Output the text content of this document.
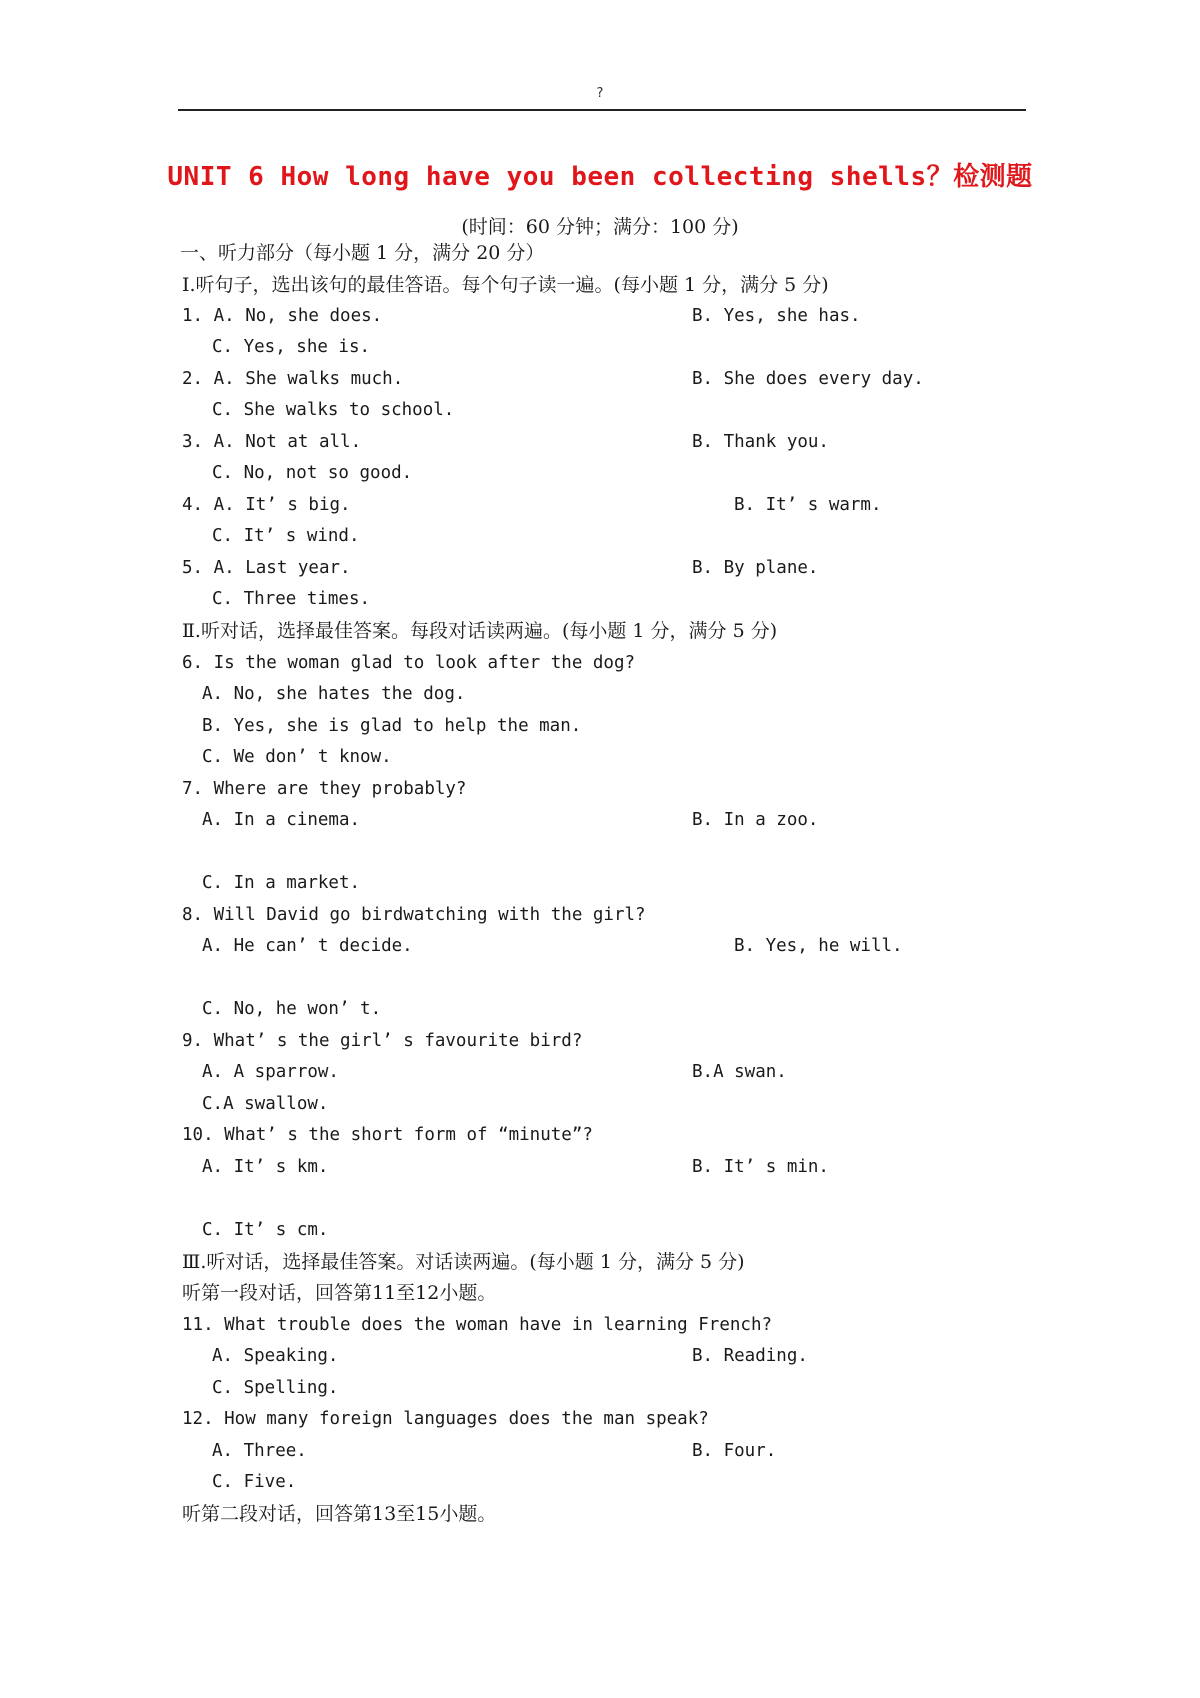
?
UNIT 6 How long have you been collecting shells？检测题
(时间：60 分钟；满分：100 分)
一、听力部分（每小题 1 分，满分 20 分）
Ⅰ.听句子，选出该句的最佳答语。每个句子读一遍。(每小题 1 分，满分 5 分)
1. A. No, she does.	B. Yes, she has.
C. Yes, she is.
2. A. She walks much.	B. She does every day.
C. She walks to school.
3. A. Not at all.	B. Thank you.
C. No, not so good.
4. A. It’ s big.	B. It’ s warm.
C. It’ s wind.
5. A. Last year.	B. By plane.
C. Three times.
Ⅱ.听对话，选择最佳答案。每段对话读两遍。(每小题 1 分，满分 5 分)
6. Is the woman glad to look after the dog?
A. No, she hates the dog.
B. Yes, she is glad to help the man.
C. We don’ t know.
7. Where are they probably?
A. In a cinema.	B. In a zoo.
C. In a market.
8. Will David go birdwatching with the girl?
A. He can’ t decide.	B. Yes, he will.
C. No, he won’ t.
9. What’ s the girl’ s favourite bird?
A. A sparrow.	B.A swan.
C.A swallow.
10. What’ s the short form of “minute”?
A. It’ s km.	B. It’ s min.
C. It’ s cm.
Ⅲ.听对话，选择最佳答案。对话读两遍。(每小题 1 分，满分 5 分)
听第一段对话，回答第11至12小题。
11. What trouble does the woman have in learning French?
A. Speaking.	B. Reading.
C. Spelling.
12. How many foreign languages does the man speak?
A. Three.	B. Four.
C. Five.
听第二段对话，回答第13至15小题。
